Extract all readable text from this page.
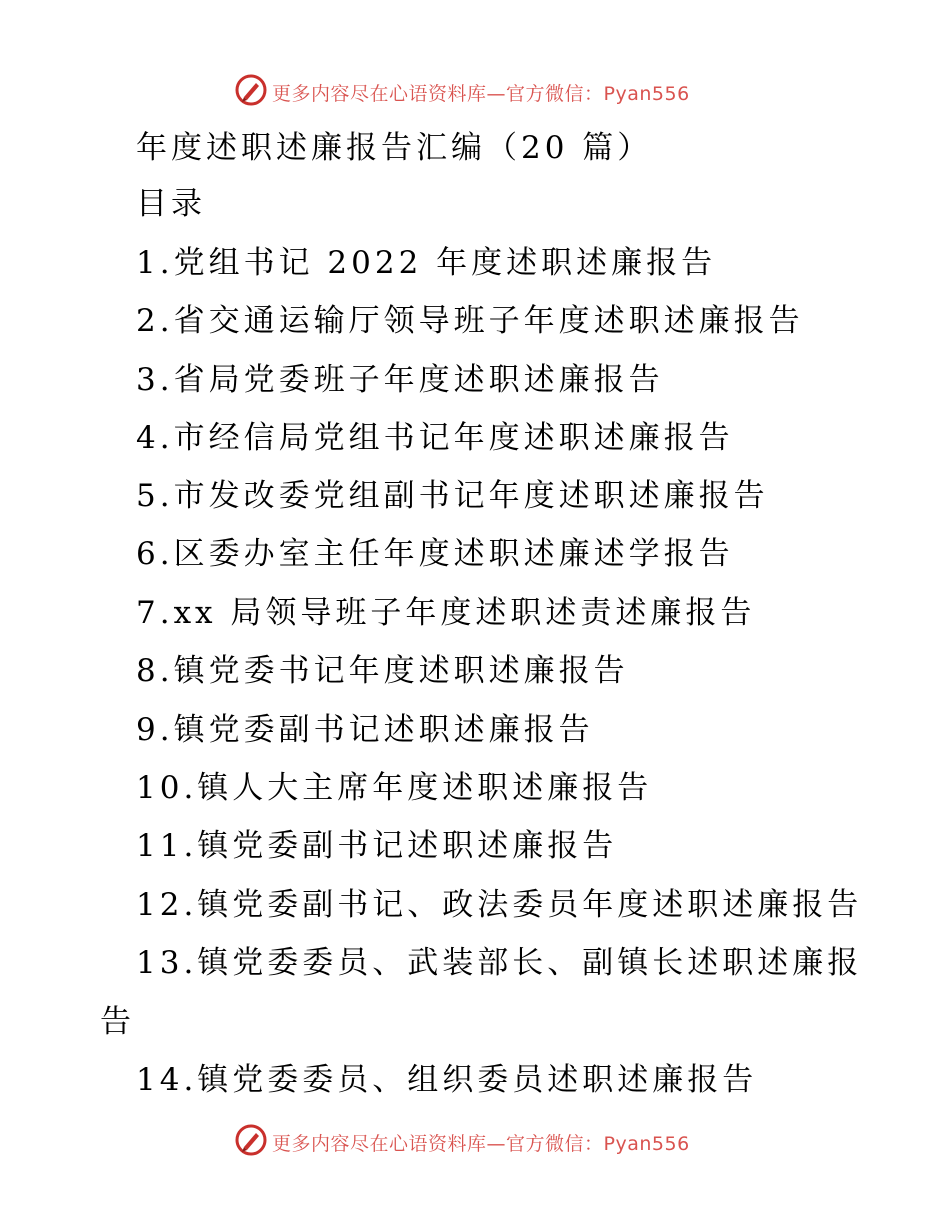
更多内容尽在心语资料库—官方微信：Pyan556
年度述职述廉报告汇编（20 篇）
目录
1.党组书记 2022 年度述职述廉报告
2.省交通运输厅领导班子年度述职述廉报告
3.省局党委班子年度述职述廉报告
4.市经信局党组书记年度述职述廉报告
5.市发改委党组副书记年度述职述廉报告
6.区委办室主任年度述职述廉述学报告
7.xx 局领导班子年度述职述责述廉报告
8.镇党委书记年度述职述廉报告
9.镇党委副书记述职述廉报告
10.镇人大主席年度述职述廉报告
11.镇党委副书记述职述廉报告
12.镇党委副书记、政法委员年度述职述廉报告
13.镇党委委员、武装部长、副镇长述职述廉报
告
14.镇党委委员、组织委员述职述廉报告
更多内容尽在心语资料库—官方微信：Pyan556
